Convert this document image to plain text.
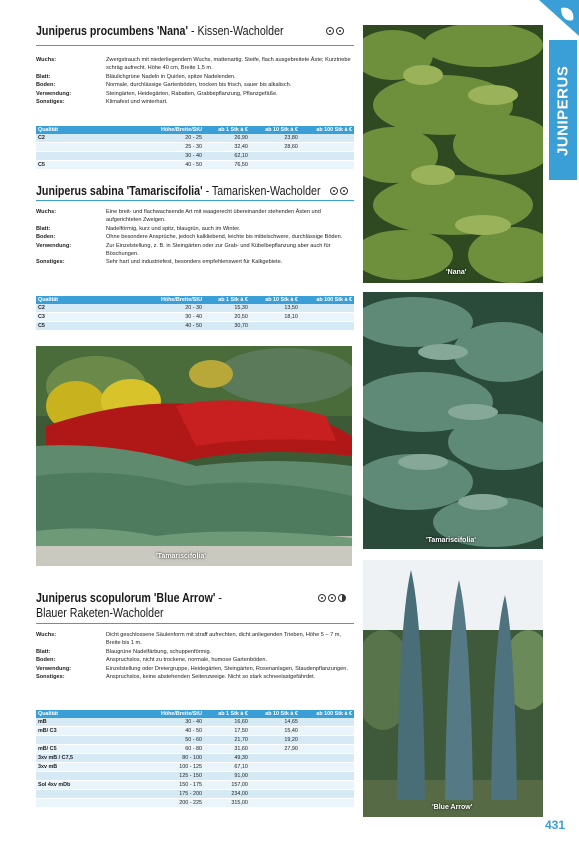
JUNIPERUS
Juniperus procumbens 'Nana' - Kissen-Wacholder
Wuchs:	Zwergstrauch mit niederliegendem Wuchs, mattenartig. Steife, flach ausgebreitete Äste; Kurztriebe schräg aufrecht. Höhe 40 cm, Breite 1,5 m.
Blatt:	Bläulichgrüne Nadeln in Quirlen, spitze Nadelenden.
Boden:	Normale, durchlässige Gartenböden, trocken bis frisch, sauer bis alkalisch.
Verwendung:	Steingärten, Heidegärten, Rabatten, Grabbepflanzung, Pflanzgefäße.
Sonstiges:	Klimafest und winterhart.
Qualität	Höhe/Breite/StU	ab 1 Stk à €	ab 10 Stk à €	ab 100 Stk à €
C2	20 - 25	26,90	23,80	
	25 - 30	32,40	28,60	
	30 - 40	62,10		
C5	40 - 50	76,50		
Juniperus sabina 'Tamariscifolia' - Tamarisken-Wacholder
Wuchs:	Eine breit- und flachwachsende Art mit waagerecht übereinander stehenden Ästen und aufgerichteten Zweigen.
Blatt:	Nadelförmig, kurz und spitz, blaugrün, auch im Winter.
Boden:	Ohne besondere Ansprüche, jedoch kalkliebend, leichte bis mittelschwere, durchlässige Böden.
Verwendung:	Zur Einzelstellung, z. B. in Steingärten oder zur Grab- und Kübelbepflanzung aber auch für Böschungen.
Sonstiges:	Sehr hart und industriefest, besonders empfehlenswert für Kalkgebiete.
Qualität	Höhe/Breite/StU	ab 1 Stk à €	ab 10 Stk à €	ab 100 Stk à €
C2	20 - 30	15,30	13,50	
C3	30 - 40	20,50	18,10	
C5	40 - 50	30,70		
'Tamariscifolia'
'Nana'
'Tamariscifolia'
Juniperus scopulorum 'Blue Arrow' -
Blauer Raketen-Wacholder
Wuchs:	Dicht geschlossene Säulenform mit straff aufrechten, dicht anliegenden Trieben, Höhe 5 – 7 m, Breite bis 1 m.
Blatt:	Blaugrüne Nadelfärbung, schuppenförmig.
Boden:	Anspruchslos, nicht zu trockene, normale, humose Gartenböden.
Verwendung:	Einzelstellung oder Dreiergruppe, Heidegärten, Steingärten, Rosenanlagen, Staudenpflanzungen.
Sonstiges:	Anspruchslos, keine abstehenden Seitenzweige. Nicht so stark schneelastgefährdet.
Qualität	Höhe/Breite/StU	ab 1 Stk à €	ab 10 Stk à €	ab 100 Stk à €
mB	30 - 40	16,60	14,65	
mB/ C3	40 - 50	17,50	15,40	
	50 - 60	21,70	19,20	
mB/ C5	60 - 80	31,60	27,90	
3xv mB / C7,5	80 - 100	49,30		
3xv mB	100 - 125	67,10		
	125 - 150	91,00		
Sol 4xv mDb	150 - 175	157,00		
	175 - 200	234,00		
	200 - 225	315,00		
'Blue Arrow'
431
